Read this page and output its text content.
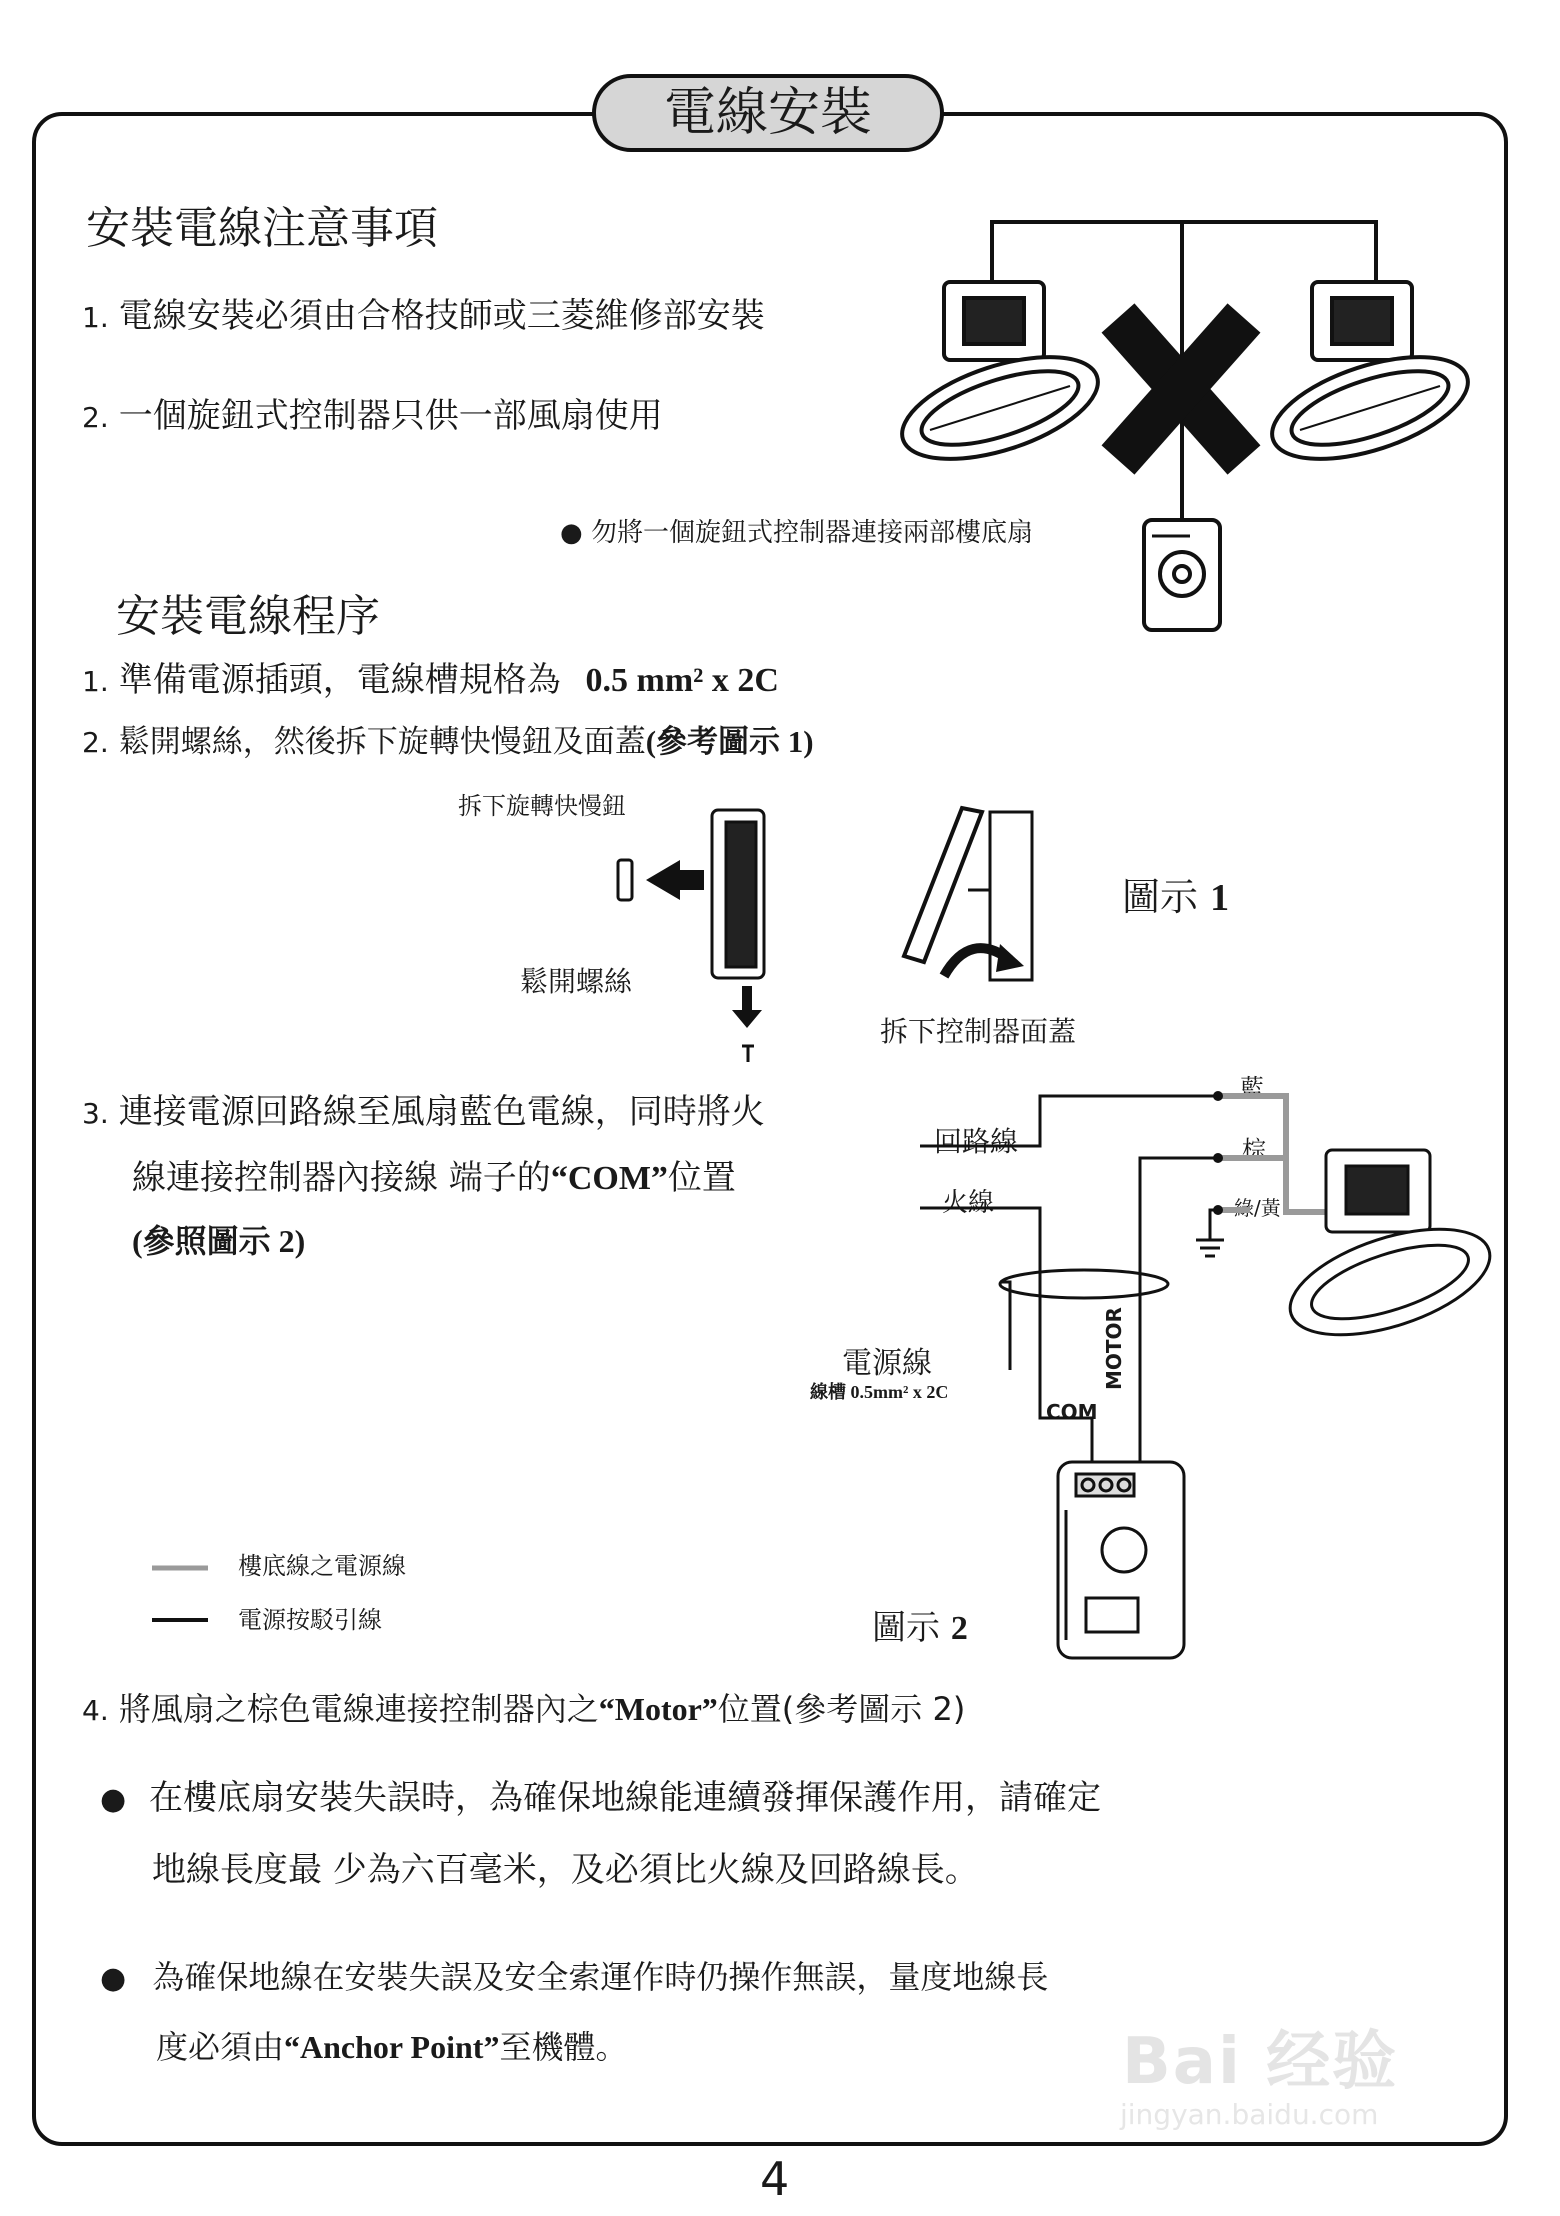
電線安裝
安裝電線注意事項
1. 電線安裝必須由合格技師或三菱維修部安裝
2. 一個旋鈕式控制器只供一部風扇使用
● 勿將一個旋鈕式控制器連接兩部樓底扇
安裝電線程序
1. 準備電源插頭，電線槽規格為 0.5 mm² x 2C
2. 鬆開螺絲，然後拆下旋轉快慢鈕及面蓋(參考圖示 1)
拆下旋轉快慢鈕
鬆開螺絲
拆下控制器面蓋
圖示 1
3. 連接電源回路線至風扇藍色電線，同時將火
線連接控制器內接線 端子的“COM”位置
(參照圖示 2)
回路線
火線
藍
棕
綠/黃
電源線
線槽 0.5mm² x 2C
COM
MOTOR
圖示 2
樓底線之電源線
電源按駁引線
4. 將風扇之棕色電線連接控制器內之“Motor”位置(參考圖示 2)
● 在樓底扇安裝失誤時，為確保地線能連續發揮保護作用，請確定
地線長度最 少為六百毫米，及必須比火線及回路線長。
● 為確保地線在安裝失誤及安全索運作時仍操作無誤，量度地線長
度必須由“Anchor Point”至機體。
4
Bai 经验
jingyan.baidu.com
